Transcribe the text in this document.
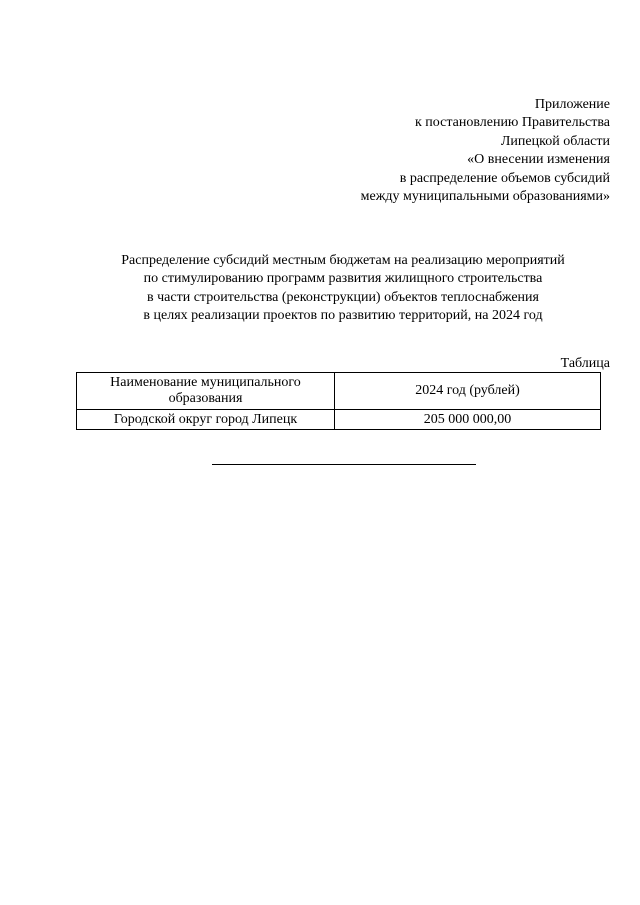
Приложение
к постановлению Правительства
Липецкой области
«О внесении изменения
в распределение объемов субсидий
между муниципальными образованиями»
Распределение субсидий местным бюджетам на реализацию мероприятий
по стимулированию программ развития жилищного строительства
в части строительства (реконструкции) объектов теплоснабжения
в целях реализации проектов по развитию территорий, на 2024 год
Таблица
Наименование муниципального
образования	2024 год (рублей)
Городской округ город Липецк	205 000 000,00
